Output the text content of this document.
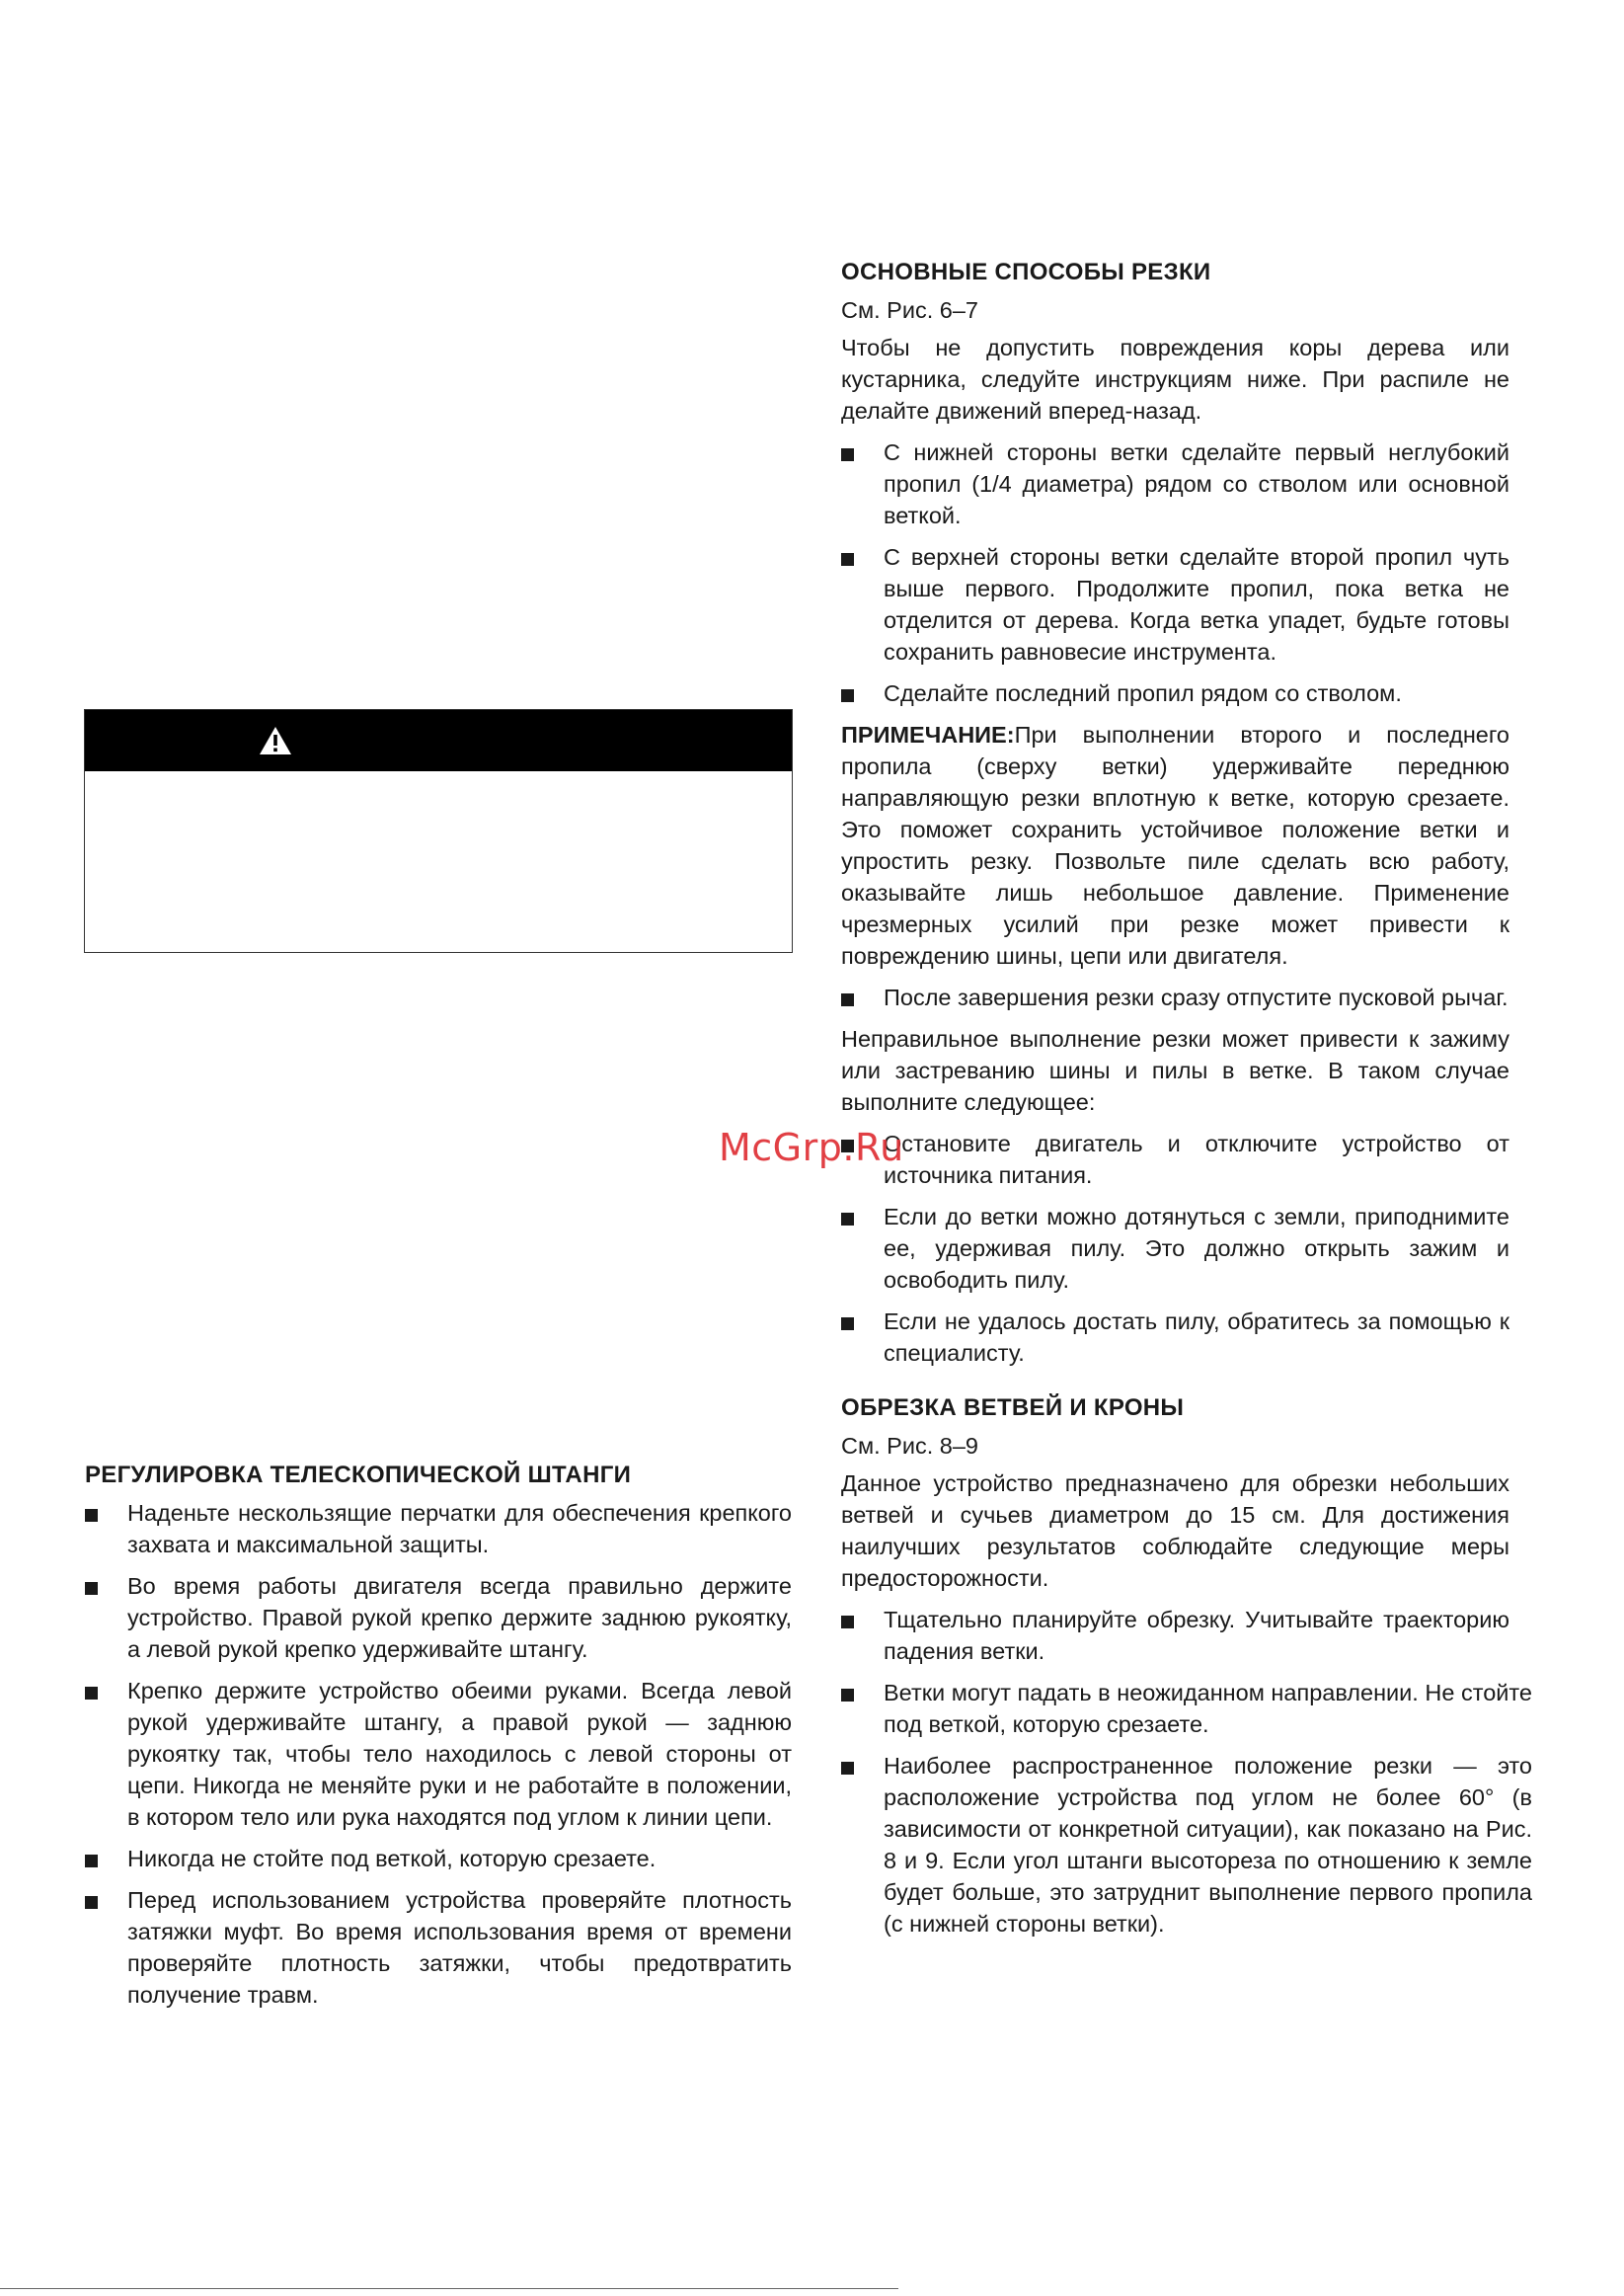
ОСНОВНЫЕ СПОСОБЫ РЕЗКИ

См. Рис. 6–7

Чтобы не допустить повреждения коры дерева или кустарника, следуйте инструкциям ниже. При распиле не делайте движений вперед-назад.

С нижней стороны ветки сделайте первый неглубокий пропил (1/4 диаметра) рядом со стволом или основной веткой.
С верхней стороны ветки сделайте второй пропил чуть выше первого. Продолжите пропил, пока ветка не отделится от дерева. Когда ветка упадет, будьте готовы сохранить равновесие инструмента.
Сделайте последний пропил рядом со стволом.

ПРИМЕЧАНИЕ:При выполнении второго и последнего пропила (сверху ветки) удерживайте переднюю направляющую резки вплотную к ветке, которую срезаете. Это поможет сохранить устойчивое положение ветки и упростить резку. Позвольте пиле сделать всю работу, оказывайте лишь небольшое давление. Применение чрезмерных усилий при резке может привести к повреждению шины, цепи или двигателя.

После завершения резки сразу отпустите пусковой рычаг.

Неправильное выполнение резки может привести к зажиму или застреванию шины и пилы в ветке. В таком случае выполните следующее:

Остановите двигатель и отключите устройство от источника питания.
Если до ветки можно дотянуться с земли, приподнимите ее, удерживая пилу. Это должно открыть зажим и освободить пилу.
Если не удалось достать пилу, обратитесь за помощью к специалисту.
ОБРЕЗКА ВЕТВЕЙ И КРОНЫ

См. Рис. 8–9

Данное устройство предназначено для обрезки небольших ветвей и сучьев диаметром до 15 см. Для достижения наилучших результатов соблюдайте следующие меры предосторожности.

Тщательно планируйте обрезку. Учитывайте траекторию падения ветки.
Ветки могут падать в неожиданном направлении. Не стойте под веткой, которую срезаете.
Наиболее распространенное положение резки — это расположение устройства под углом не более 60° (в зависимости от конкретной ситуации), как показано на Рис. 8 и 9. Если угол штанги высотореза по отношению к земле будет больше, это затруднит выполнение первого пропила (с нижней стороны ветки).
РЕГУЛИРОВКА ТЕЛЕСКОПИЧЕСКОЙ ШТАНГИ
Наденьте нескользящие перчатки для обеспечения крепкого захвата и максимальной защиты.
Во время работы двигателя всегда правильно держите устройство. Правой рукой крепко держите заднюю рукоятку, а левой рукой крепко удерживайте штангу.
Крепко держите устройство обеими руками. Всегда левой рукой удерживайте штангу, а правой рукой — заднюю рукоятку так, чтобы тело находилось с левой стороны от цепи. Никогда не меняйте руки и не работайте в положении, в котором тело или рука находятся под углом к линии цепи.
Никогда не стойте под веткой, которую срезаете.
Перед использованием устройства проверяйте плотность затяжки муфт. Во время использования время от времени проверяйте плотность затяжки, чтобы предотвратить получение травм.
McGrp.Ru
